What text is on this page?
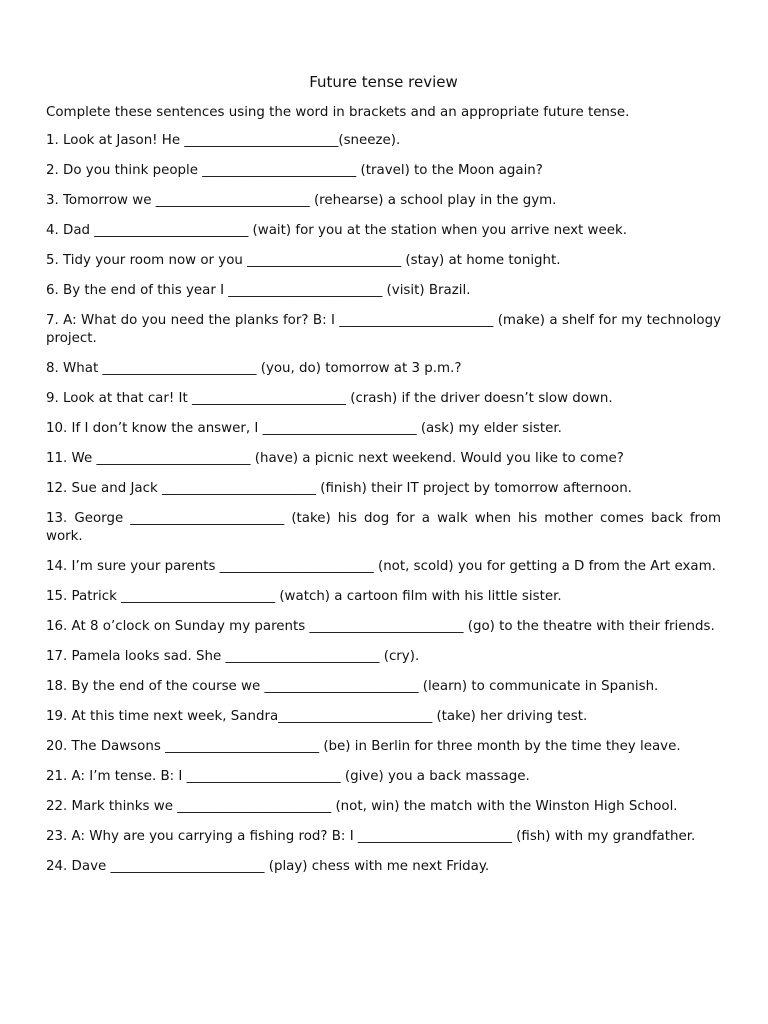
Future tense review

Complete these sentences using the word in brackets and an appropriate future tense.

1. Look at Jason! He _______________________(sneeze).
2. Do you think people _______________________ (travel) to the Moon again?
3. Tomorrow we _______________________ (rehearse) a school play in the gym.
4. Dad _______________________ (wait) for you at the station when you arrive next week.
5. Tidy your room now or you _______________________ (stay) at home tonight.
6. By the end of this year I _______________________ (visit) Brazil.
7. A: What do you need the planks for? B: I _______________________ (make) a shelf for my technology project.
8. What _______________________ (you, do) tomorrow at 3 p.m.?
9. Look at that car! It _______________________ (crash) if the driver doesn’t slow down.
10. If I don’t know the answer, I _______________________ (ask) my elder sister.
11. We _______________________ (have) a picnic next weekend. Would you like to come?
12. Sue and Jack _______________________ (finish) their IT project by tomorrow afternoon.
13. George _______________________ (take) his dog for a walk when his mother comes back from work.
14. I’m sure your parents _______________________ (not, scold) you for getting a D from the Art exam.
15. Patrick _______________________ (watch) a cartoon film with his little sister.
16. At 8 o’clock on Sunday my parents _______________________ (go) to the theatre with their friends.
17. Pamela looks sad. She _______________________ (cry).
18. By the end of the course we _______________________ (learn) to communicate in Spanish.
19. At this time next week, Sandra_______________________ (take) her driving test.
20. The Dawsons _______________________ (be) in Berlin for three month by the time they leave.
21. A: I’m tense. B: I _______________________ (give) you a back massage.
22. Mark thinks we _______________________ (not, win) the match with the Winston High School.
23. A: Why are you carrying a fishing rod? B: I _______________________ (fish) with my grandfather.
24. Dave _______________________ (play) chess with me next Friday.
